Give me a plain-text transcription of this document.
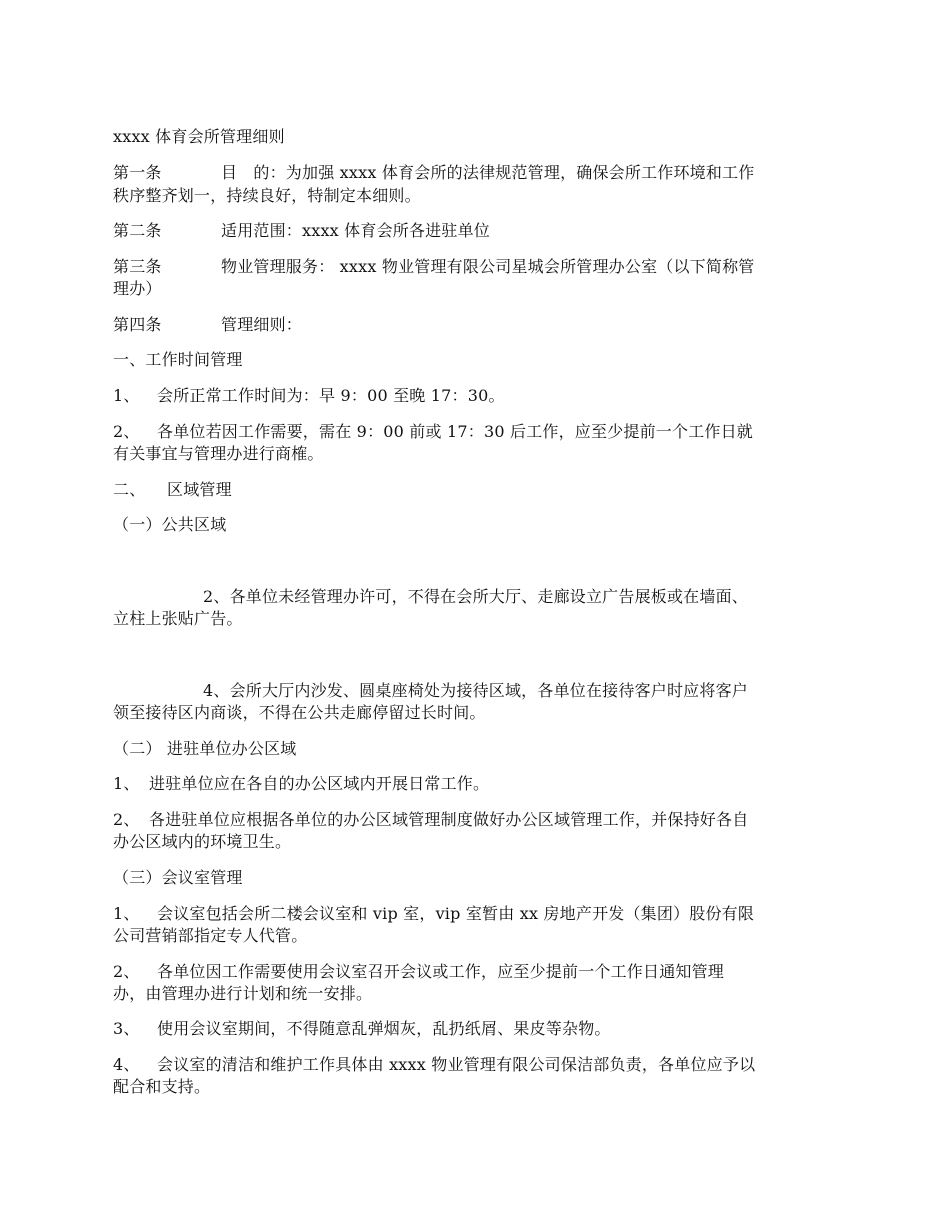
xxxx 体育会所管理细则
第一条	目　的：为加强 xxxx 体育会所的法律规范管理，确保会所工作环境和工作
秩序整齐划一，持续良好，特制定本细则。
第二条	适用范围：xxxx 体育会所各进驻单位
第三条	物业管理服务： xxxx 物业管理有限公司星城会所管理办公室（以下简称管
理办）
第四条	管理细则：
一、工作时间管理
1、 会所正常工作时间为：早 9：00 至晚 17：30。
2、 各单位若因工作需要，需在 9：00 前或 17：30 后工作，应至少提前一个工作日就
有关事宜与管理办进行商榷。
二、 区域管理
（一）公共区域
2、各单位未经管理办许可，不得在会所大厅、走廊设立广告展板或在墙面、
立柱上张贴广告。
4、会所大厅内沙发、圆桌座椅处为接待区域，各单位在接待客户时应将客户
领至接待区内商谈，不得在公共走廊停留过长时间。
（二） 进驻单位办公区域
1、 进驻单位应在各自的办公区域内开展日常工作。
2、 各进驻单位应根据各单位的办公区域管理制度做好办公区域管理工作，并保持好各自
办公区域内的环境卫生。
（三）会议室管理
1、 会议室包括会所二楼会议室和 vip 室，vip 室暂由 xx 房地产开发（集团）股份有限
公司营销部指定专人代管。
2、 各单位因工作需要使用会议室召开会议或工作，应至少提前一个工作日通知管理
办，由管理办进行计划和统一安排。
3、 使用会议室期间，不得随意乱弹烟灰，乱扔纸屑、果皮等杂物。
4、 会议室的清洁和维护工作具体由 xxxx 物业管理有限公司保洁部负责，各单位应予以
配合和支持。
